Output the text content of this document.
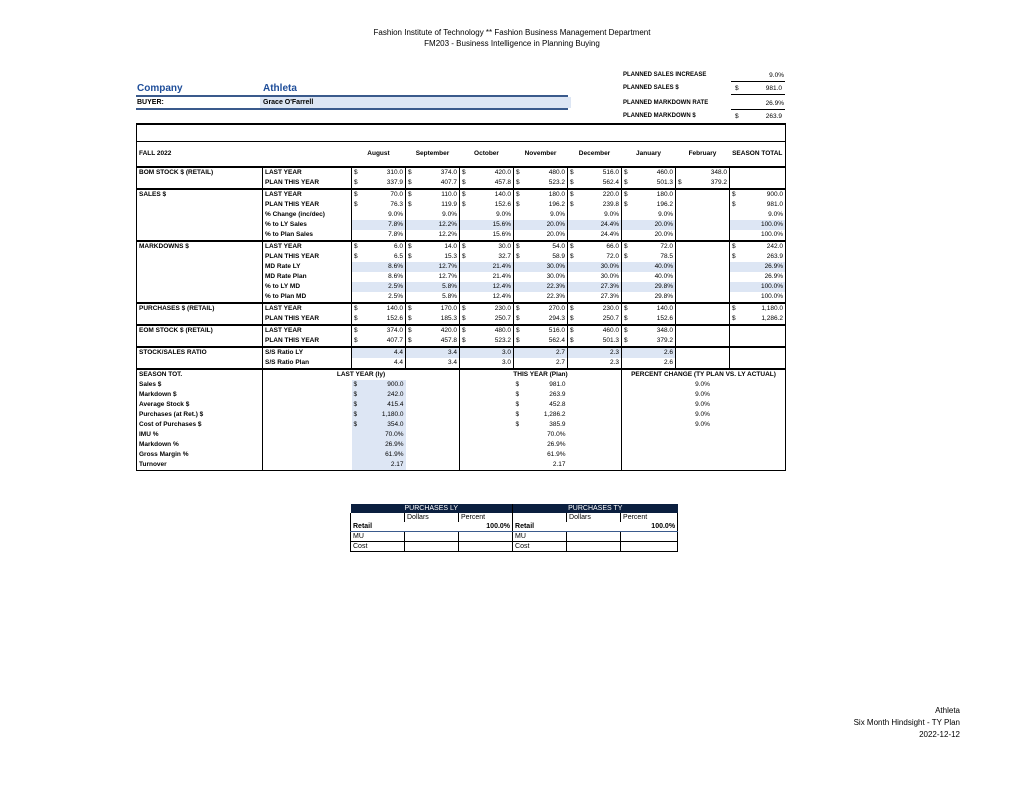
Fashion Institute of Technology ** Fashion Business Management Department
FM203 - Business Intelligence in Planning Buying
Company	Athleta
BUYER:	Grace O'Farrell
PLANNED SALES INCREASE	9.0%
PLANNED SALES $	$	981.0
PLANNED MARKDOWN RATE	26.9%
PLANNED MARKDOWN $	$	263.9

FALL 2022		August	September	October	November	December	January	February	SEASON TOTAL
BOM STOCK $ (RETAIL)	LAST YEAR	$ 310.0	$ 374.0	$ 420.0	$ 480.0	$ 516.0	$ 460.0	348.0	

	PLAN THIS YEAR	$ 337.9	$ 407.7	$ 457.8	$ 523.2	$ 562.4	$ 501.3	$ 379.2	

SALES $	LAST YEAR	$ 70.0	$ 110.0	$ 140.0	$ 180.0	$ 220.0	$ 180.0		$ 900.0

	PLAN THIS YEAR	$ 76.3	$ 119.9	$ 152.6	$ 196.2	$ 239.8	$ 196.2		$ 981.0

	% Change (inc/dec)	9.0%	9.0%	9.0%	9.0%	9.0%	9.0%		9.0%

	% to LY Sales	7.8%	12.2%	15.6%	20.0%	24.4%	20.0%		100.0%

	% to Plan Sales	7.8%	12.2%	15.6%	20.0%	24.4%	20.0%		100.0%

MARKDOWNS $	LAST YEAR	$ 6.0	$ 14.0	$ 30.0	$ 54.0	$ 66.0	$ 72.0		$ 242.0

	PLAN THIS YEAR	$ 6.5	$ 15.3	$ 32.7	$ 58.9	$ 72.0	$ 78.5		$ 263.9

	MD Rate LY	8.6%	12.7%	21.4%	30.0%	30.0%	40.0%		26.9%

	MD Rate Plan	8.6%	12.7%	21.4%	30.0%	30.0%	40.0%		26.9%

	% to LY MD	2.5%	5.8%	12.4%	22.3%	27.3%	29.8%		100.0%

	% to Plan MD	2.5%	5.8%	12.4%	22.3%	27.3%	29.8%		100.0%

PURCHASES $ (RETAIL)	LAST YEAR	$ 140.0	$ 170.0	$ 230.0	$ 270.0	$ 230.0	$ 140.0		$ 1,180.0

	PLAN THIS YEAR	$ 152.6	$ 185.3	$ 250.7	$ 294.3	$ 250.7	$ 152.6		$ 1,286.2

EOM STOCK $ (RETAIL)	LAST YEAR	$ 374.0	$ 420.0	$ 480.0	$ 516.0	$ 460.0	$ 348.0		

	PLAN THIS YEAR	$ 407.7	$ 457.8	$ 523.2	$ 562.4	$ 501.3	$ 379.2		

STOCK/SALES RATIO	S/S Ratio LY	4.4	3.4	3.0	2.7	2.3	2.6		

	S/S Ratio Plan	4.4	3.4	3.0	2.7	2.3	2.6		

SEASON TOT.	LAST YEAR (ly)			THIS YEAR (Plan)			PERCENT CHANGE (TY PLAN VS. LY ACTUAL)		
Sales $		$ 900.0			$ 981.0			9.0%	
Markdown $		$ 242.0			$ 263.9			9.0%	
Average Stock $		$ 415.4			$ 452.8			9.0%	
Purchases (at Ret.) $		$ 1,180.0			$ 1,286.2			9.0%	
Cost of Purchases $		$ 354.0			$ 385.9			9.0%	
IMU %		70.0%			70.0%				

Markdown %		26.9%			26.9%				

Gross Margin %		61.9%			61.9%				

Turnover		2.17			2.17				

PURCHASES LY			PURCHASES TY		
	Dollars	Percent		Dollars	Percent
Retail		100.0%	Retail		100.0%
MU			MU		
Cost			Cost		
Athleta
Six Month Hindsight - TY Plan
2022-12-12
